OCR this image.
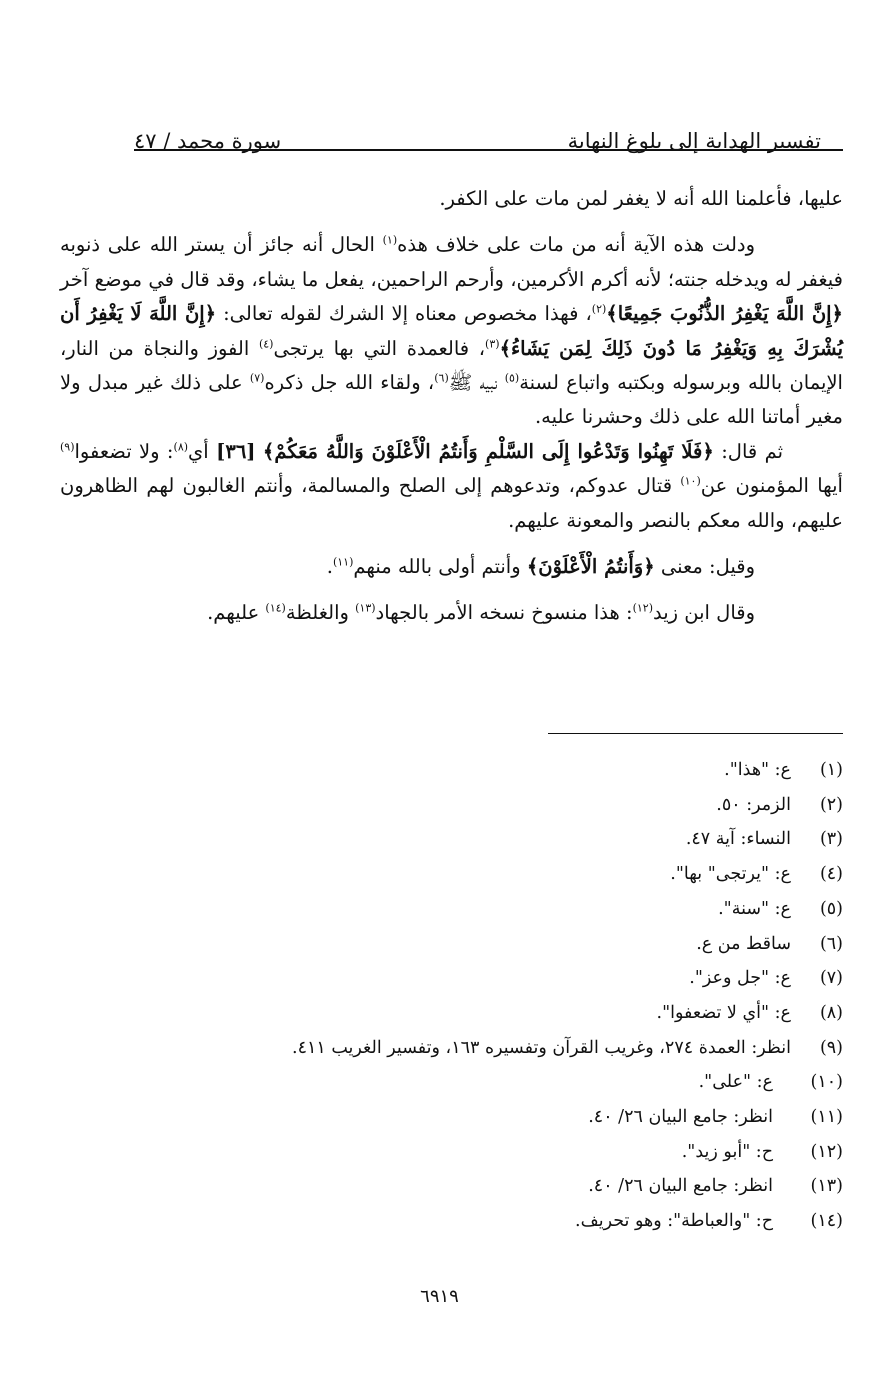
تفسير الهداية إلى بلوغ النهاية
سورة محمد / ٤٧

عليها، فأعلمنا الله أنه لا يغفر لمن مات على الكفر.

ودلت هذه الآية أنه من مات على خلاف هذه$^{(١)}$ الحال أنه جائز أن يستر الله على ذنوبه فيغفر له ويدخله جنته؛ لأنه أكرم الأكرمين، وأرحم الراحمين، يفعل ما يشاء، وقد قال في موضع آخر ﴿إِنَّ اللَّهَ يَغْفِرُ الذُّنُوبَ جَمِيعًا﴾$^{(٢)}$، فهذا مخصوص معناه إلا الشرك لقوله تعالى: ﴿إِنَّ اللَّهَ لَا يَغْفِرُ أَن يُشْرَكَ بِهِ وَيَغْفِرُ مَا دُونَ ذَلِكَ لِمَن يَشَاءُ﴾$^{(٣)}$، فالعمدة التي بها يرتجى$^{(٤)}$ الفوز والنجاة من النار، الإيمان بالله وبرسوله وبكتبه واتباع لسنة$^{(٥)}$ نبيه ﷺ$^{(٦)}$، ولقاء الله جل ذكره$^{(٧)}$ على ذلك غير مبدل ولا مغير أماتنا الله على ذلك وحشرنا عليه.

ثم قال: ﴿فَلَا تَهِنُوا وَتَدْعُوا إِلَى السَّلْمِ وَأَنتُمُ الْأَعْلَوْنَ وَاللَّهُ مَعَكُمْ﴾ [٣٦] أي$^{(٨)}$: ولا تضعفوا$^{(٩)}$ أيها المؤمنون عن$^{(١٠)}$ قتال عدوكم، وتدعوهم إلى الصلح والمسالمة، وأنتم الغالبون لهم الظاهرون عليهم، والله معكم بالنصر والمعونة عليهم.

وقيل: معنى ﴿وَأَنتُمُ الْأَعْلَوْنَ﴾ وأنتم أولى بالله منهم$^{(١١)}$.

وقال ابن زيد$^{(١٢)}$: هذا منسوخ نسخه الأمر بالجهاد$^{(١٣)}$ والغلظة$^{(١٤)}$ عليهم.

(١)
ع: "هذا".
(٢)
الزمر: ٥٠.
(٣)
النساء: آية ٤٧.
(٤)
ع: "يرتجى" بها".
(٥)
ع: "سنة".
(٦)
ساقط من ع.
(٧)
ع: "جل وعز".
(٨)
ع: "أي لا تضعفوا".
(٩)
انظر: العمدة ٢٧٤، وغريب القرآن وتفسيره ١٦٣، وتفسير الغريب ٤١١.
(١٠)
ع: "على".
(١١)
انظر: جامع البيان ٢٦/ ٤٠.
(١٢)
ح: "أبو زيد".
(١٣)
انظر: جامع البيان ٢٦/ ٤٠.
(١٤)
ح: "والعباطة": وهو تحريف.
٦٩١٩
